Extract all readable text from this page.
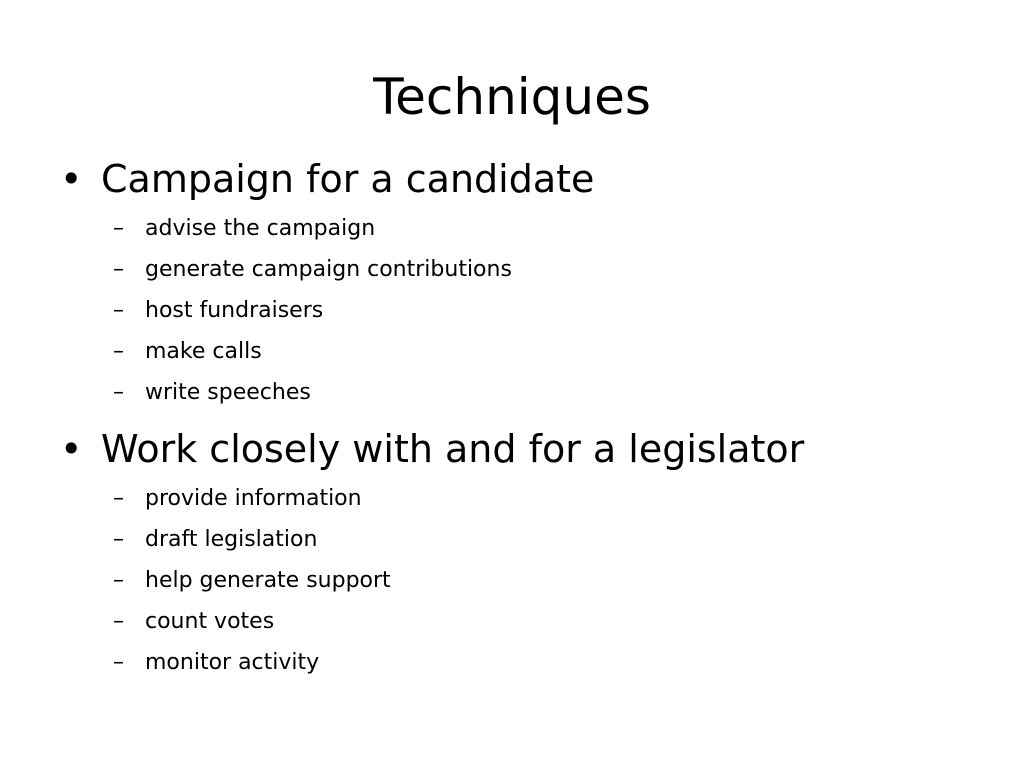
Techniques
• Campaign for a candidate
– advise the campaign
– generate campaign contributions
– host fundraisers
– make calls
– write speeches
• Work closely with and for a legislator
– provide information
– draft legislation
– help generate support
– count votes
– monitor activity
